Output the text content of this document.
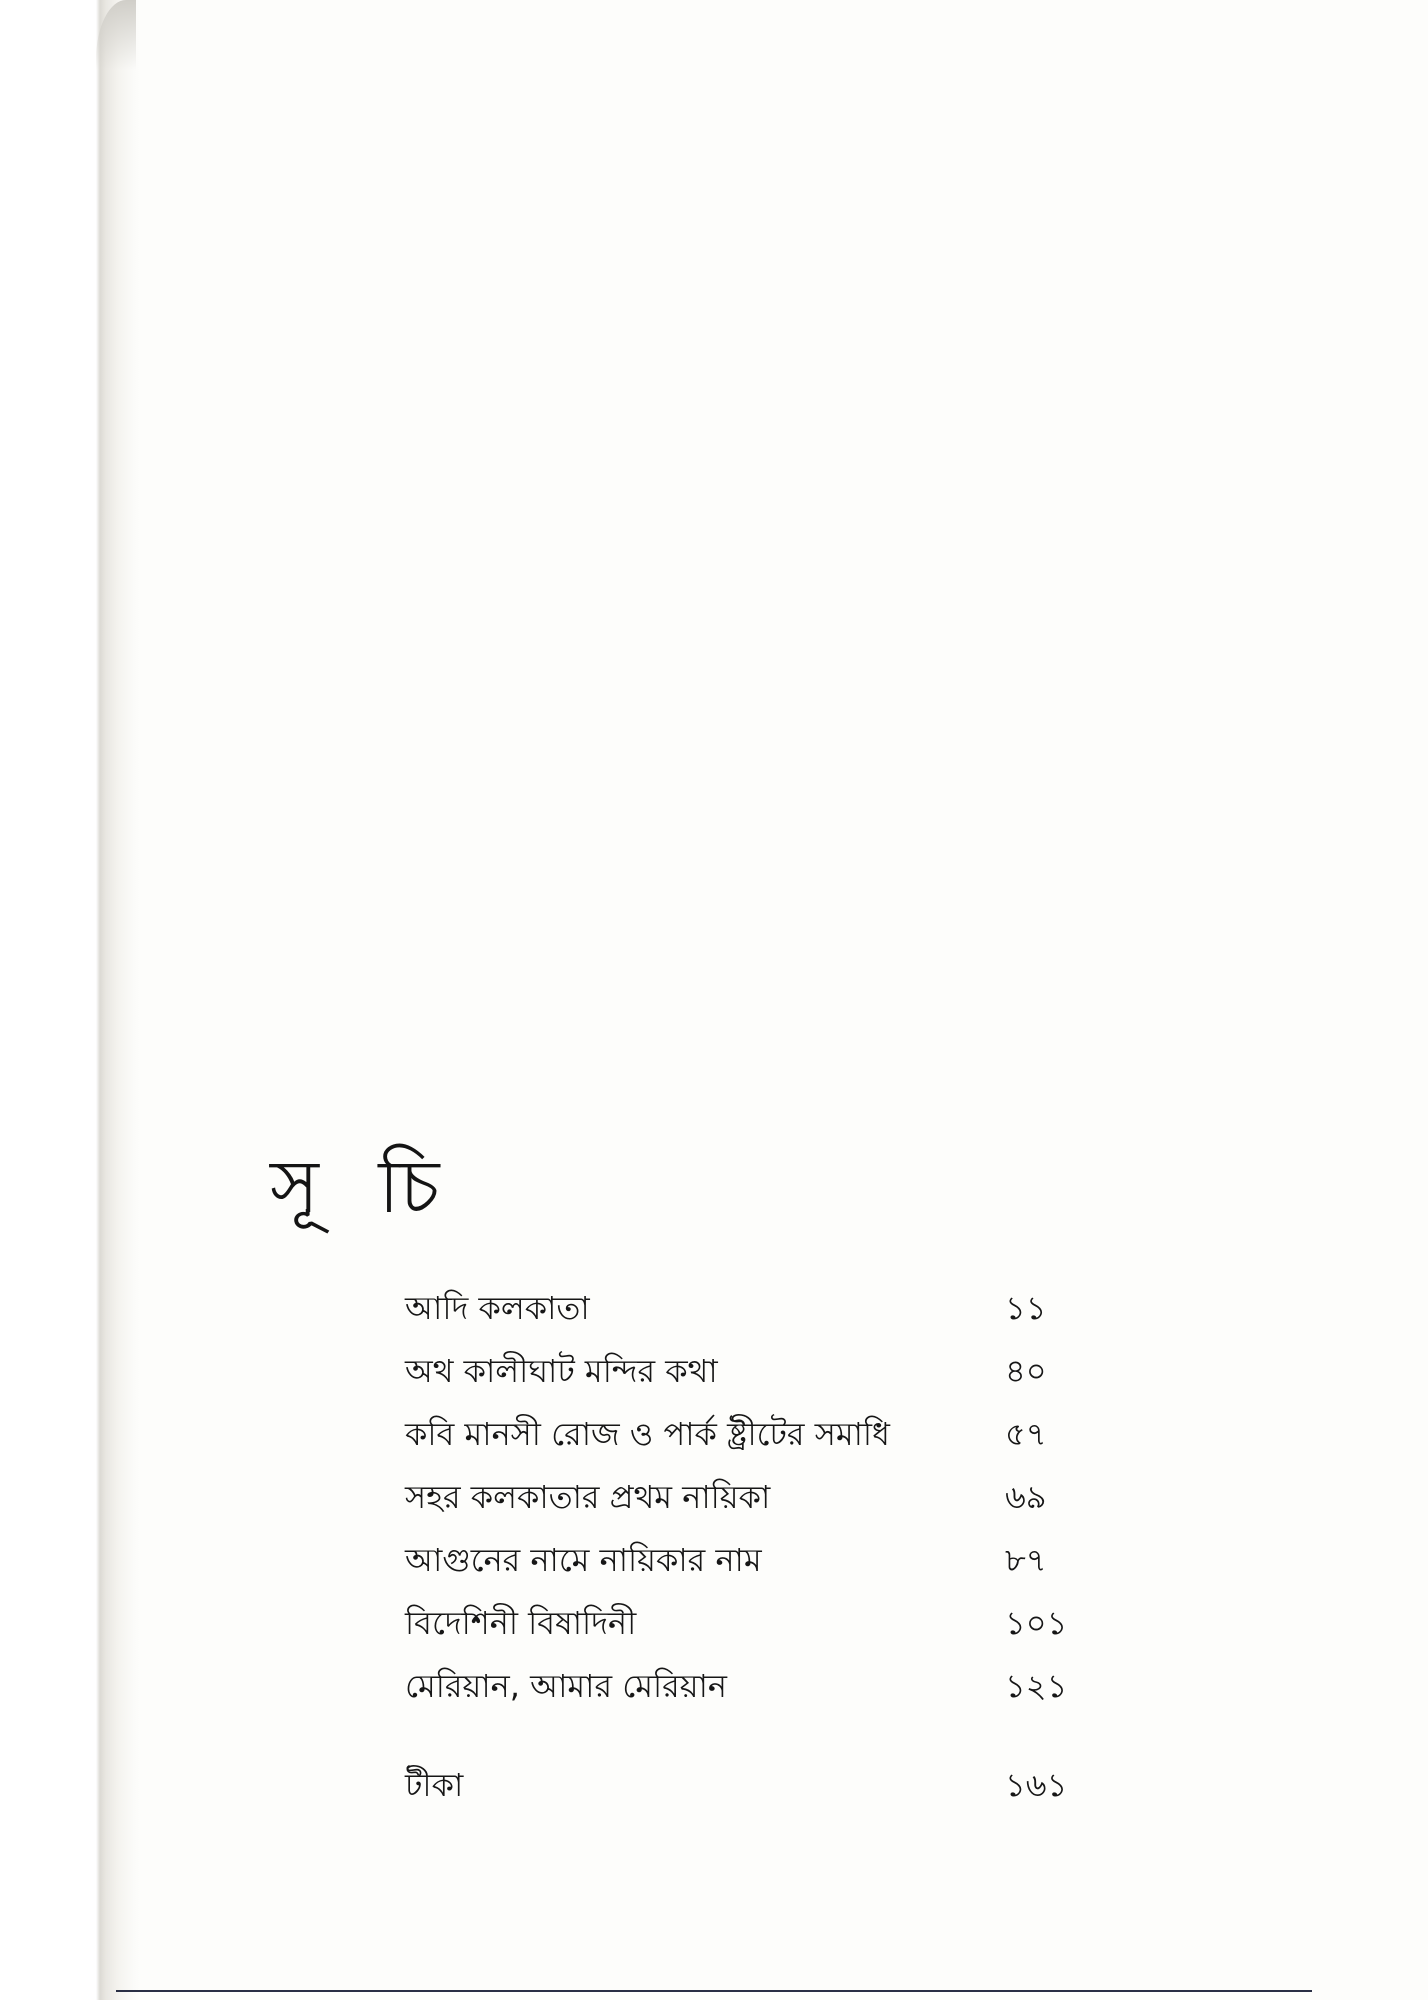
সূ চি
আদি কলকাতা	১১
অথ কালীঘাট মন্দির কথা	৪০
কবি মানসী রোজ ও পার্ক ষ্ট্রীটের সমাধি	৫৭
সহর কলকাতার প্রথম নায়িকা	৬৯
আগুনের নামে নায়িকার নাম	৮৭
বিদেশিনী বিষাদিনী	১০১
মেরিয়ান, আমার মেরিয়ান	১২১
টীকা	১৬১
